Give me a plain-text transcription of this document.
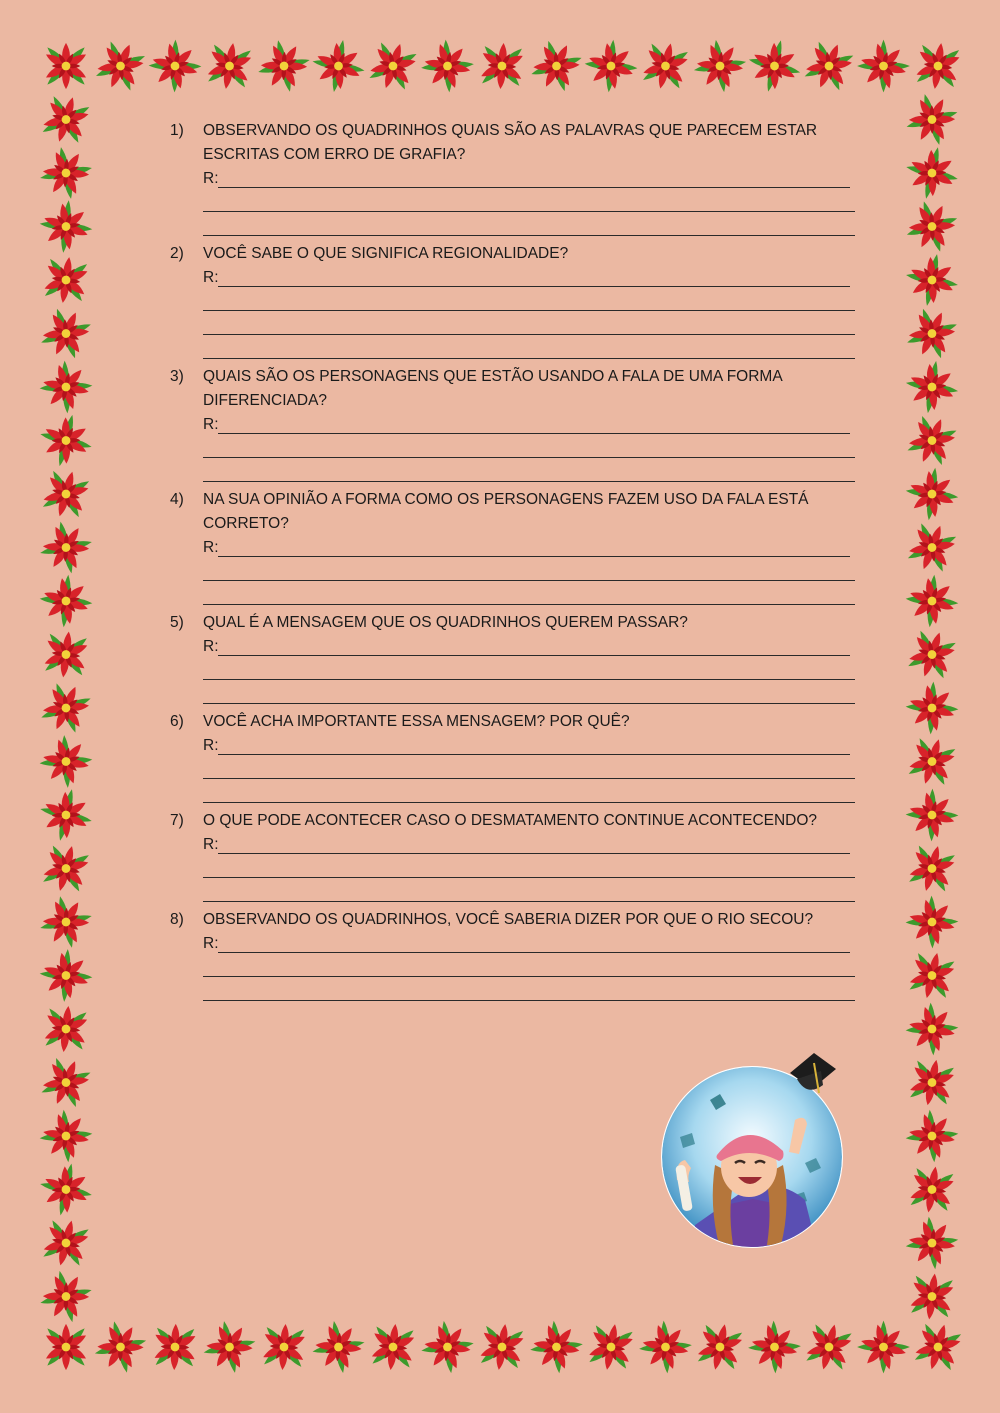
1)	OBSERVANDO OS QUADRINHOS QUAIS SÃO AS PALAVRAS QUE PARECEM ESTAR
ESCRITAS COM ERRO DE GRAFIA?
R:
2)	VOCÊ SABE O QUE SIGNIFICA REGIONALIDADE?
R:
3)	QUAIS SÃO OS PERSONAGENS QUE ESTÃO USANDO A FALA DE UMA FORMA
DIFERENCIADA?
R:
4)	NA SUA OPINIÃO A FORMA COMO OS PERSONAGENS FAZEM USO DA FALA ESTÁ
CORRETO?
R:
5)	QUAL É A MENSAGEM QUE OS QUADRINHOS QUEREM PASSAR?
R:
6)	VOCÊ ACHA IMPORTANTE ESSA MENSAGEM? POR QUÊ?
R:
7)	O QUE PODE ACONTECER CASO O DESMATAMENTO CONTINUE ACONTECENDO?
R:
8)	OBSERVANDO OS QUADRINHOS, VOCÊ SABERIA DIZER POR QUE O RIO SECOU?
R:
